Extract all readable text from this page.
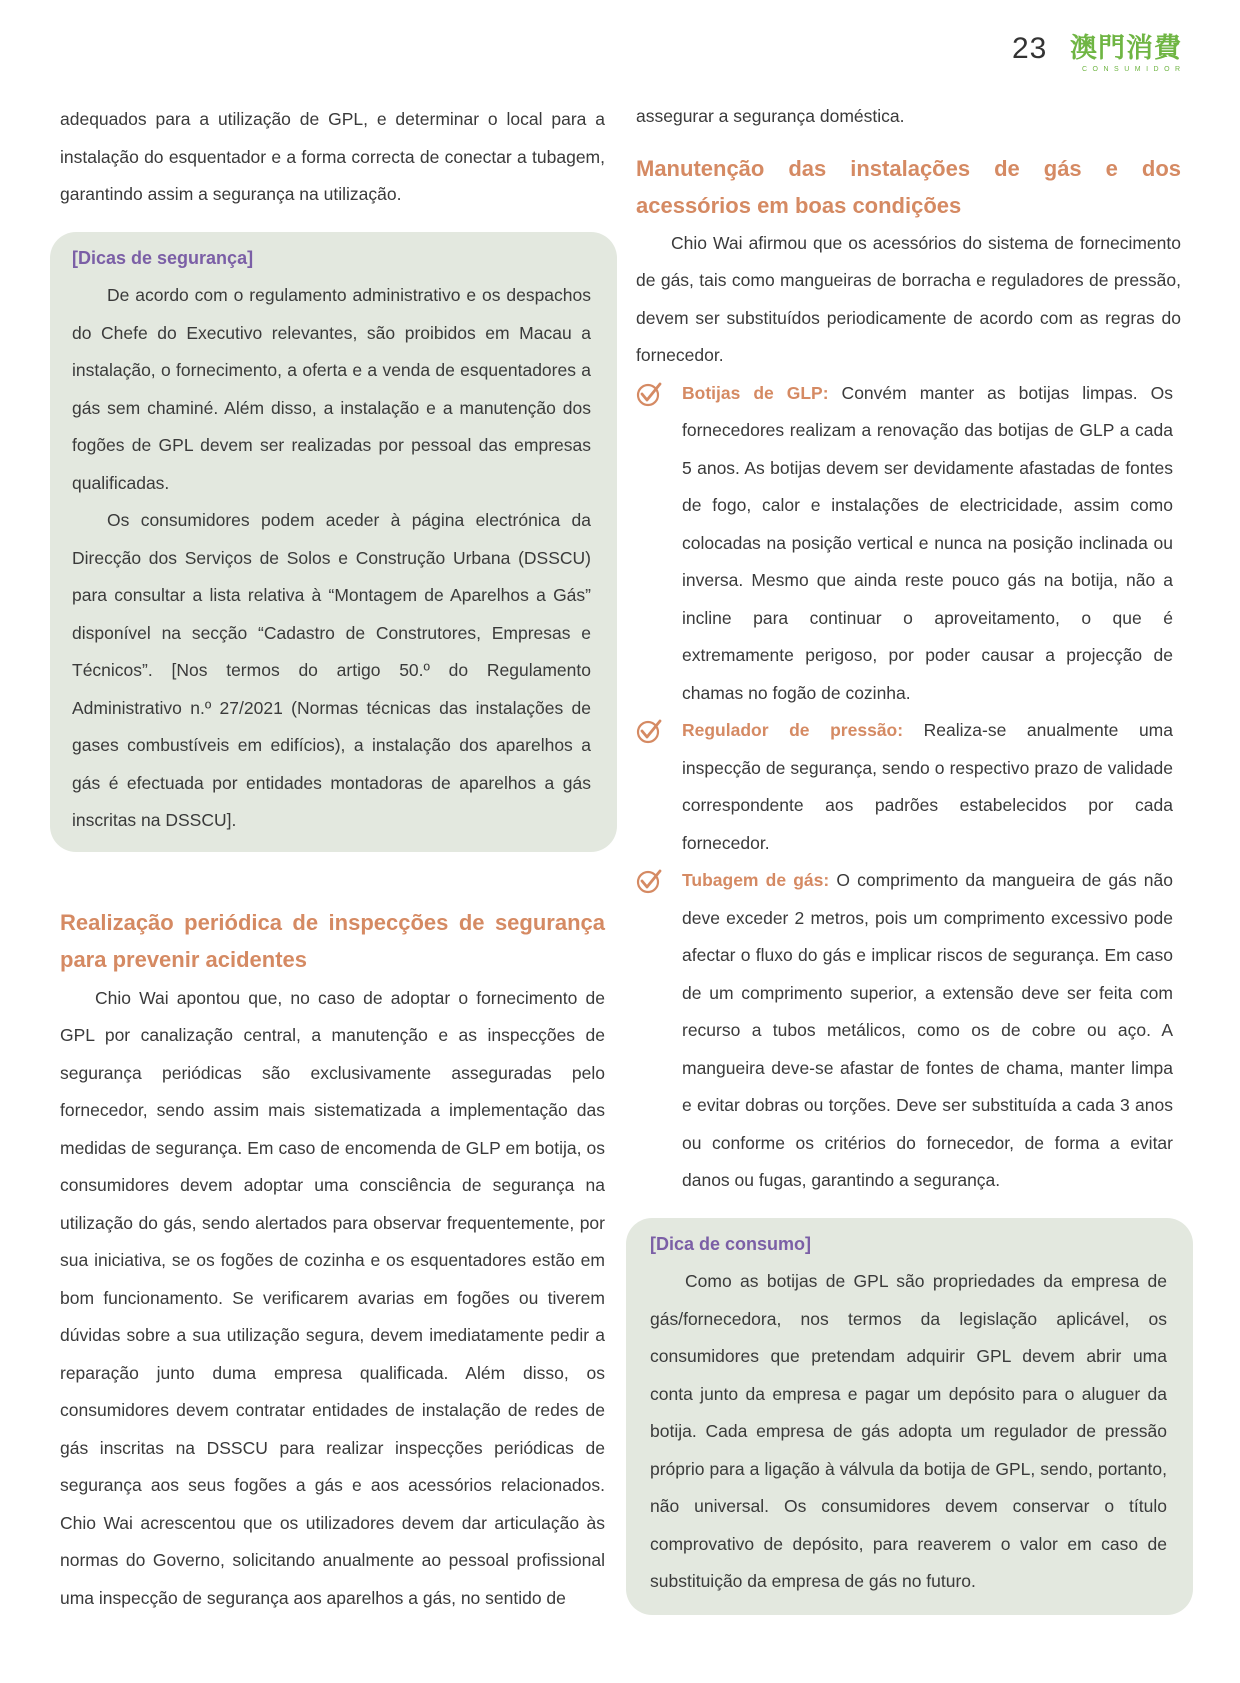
23 澳門消費
CONSUMIDOR

adequados para a utilização de GPL, e determinar o local para a instalação do esquentador e a forma correcta de conectar a tubagem, garantindo assim a segurança na utilização.

[Dicas de segurança]

De acordo com o regulamento administrativo e os despachos do Chefe do Executivo relevantes, são proibidos em Macau a instalação, o fornecimento, a oferta e a venda de esquentadores a gás sem chaminé. Além disso, a instalação e a manutenção dos fogões de GPL devem ser realizadas por pessoal das empresas qualificadas.

Os consumidores podem aceder à página electrónica da Direcção dos Serviços de Solos e Construção Urbana (DSSCU) para consultar a lista relativa à “Montagem de Aparelhos a Gás” disponível na secção “Cadastro de Construtores, Empresas e Técnicos”. [Nos termos do artigo 50.º do Regulamento Administrativo n.º 27/2021 (Normas técnicas das instalações de gases combustíveis em edifícios), a instalação dos aparelhos a gás é efectuada por entidades montadoras de aparelhos a gás inscritas na DSSCU].

Realização periódica de inspecções de segurança para prevenir acidentes

Chio Wai apontou que, no caso de adoptar o fornecimento de GPL por canalização central, a manutenção e as inspecções de segurança periódicas são exclusivamente asseguradas pelo fornecedor, sendo assim mais sistematizada a implementação das medidas de segurança. Em caso de encomenda de GLP em botija, os consumidores devem adoptar uma consciência de segurança na utilização do gás, sendo alertados para observar frequentemente, por sua iniciativa, se os fogões de cozinha e os esquentadores estão em bom funcionamento. Se verificarem avarias em fogões ou tiverem dúvidas sobre a sua utilização segura, devem imediatamente pedir a reparação junto duma empresa qualificada. Além disso, os consumidores devem contratar entidades de instalação de redes de gás inscritas na DSSCU para realizar inspecções periódicas de segurança aos seus fogões a gás e aos acessórios relacionados. Chio Wai acrescentou que os utilizadores devem dar articulação às normas do Governo, solicitando anualmente ao pessoal profissional uma inspecção de segurança aos aparelhos a gás, no sentido de

assegurar a segurança doméstica.

Manutenção das instalações de gás e dos acessórios em boas condições

Chio Wai afirmou que os acessórios do sistema de fornecimento de gás, tais como mangueiras de borracha e reguladores de pressão, devem ser substituídos periodicamente de acordo com as regras do fornecedor.

Botijas de GLP: Convém manter as botijas limpas. Os fornecedores realizam a renovação das botijas de GLP a cada 5 anos. As botijas devem ser devidamente afastadas de fontes de fogo, calor e instalações de electricidade, assim como colocadas na posição vertical e nunca na posição inclinada ou inversa. Mesmo que ainda reste pouco gás na botija, não a incline para continuar o aproveitamento, o que é extremamente perigoso, por poder causar a projecção de chamas no fogão de cozinha.
Regulador de pressão: Realiza-se anualmente uma inspecção de segurança, sendo o respectivo prazo de validade correspondente aos padrões estabelecidos por cada fornecedor.
Tubagem de gás: O comprimento da mangueira de gás não deve exceder 2 metros, pois um comprimento excessivo pode afectar o fluxo do gás e implicar riscos de segurança. Em caso de um comprimento superior, a extensão deve ser feita com recurso a tubos metálicos, como os de cobre ou aço. A mangueira deve-se afastar de fontes de chama, manter limpa e evitar dobras ou torções. Deve ser substituída a cada 3 anos ou conforme os critérios do fornecedor, de forma a evitar danos ou fugas, garantindo a segurança.
[Dica de consumo]

Como as botijas de GPL são propriedades da empresa de gás/fornecedora, nos termos da legislação aplicável, os consumidores que pretendam adquirir GPL devem abrir uma conta junto da empresa e pagar um depósito para o aluguer da botija. Cada empresa de gás adopta um regulador de pressão próprio para a ligação à válvula da botija de GPL, sendo, portanto, não universal. Os consumidores devem conservar o título comprovativo de depósito, para reaverem o valor em caso de substituição da empresa de gás no futuro.
